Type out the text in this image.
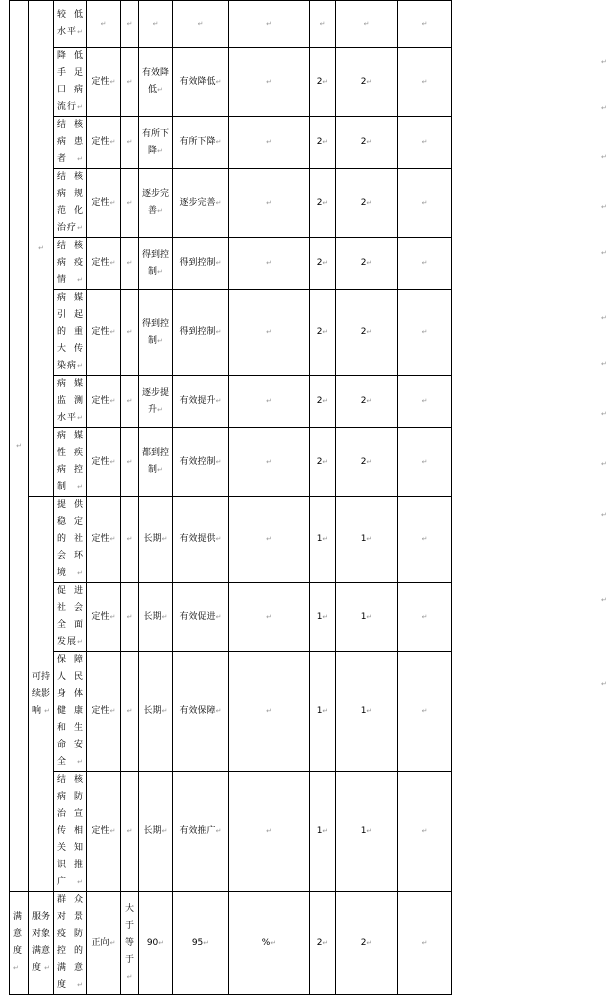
↵	↵	较低水平↵	↵	↵	↵	↵	↵	↵	↵	↵
		降低手足口病流行↵	定性↵	↵	有效降低↵	有效降低↵	↵	2↵	2↵	↵
		结核病患者↵	定性↵	↵	有所下降↵	有所下降↵	↵	2↵	2↵	↵
		结核病规范化治疗↵	定性↵	↵	逐步完善↵	逐步完善↵	↵	2↵	2↵	↵
		结核病疫情↵	定性↵	↵	得到控制↵	得到控制↵	↵	2↵	2↵	↵
		病媒引起的重大传染病↵	定性↵	↵	得到控制↵	得到控制↵	↵	2↵	2↵	↵
		病媒监测水平↵	定性↵	↵	逐步提升↵	有效提升↵	↵	2↵	2↵	↵
		病媒性疾病控制↵	定性↵	↵	都到控制↵	有效控制↵	↵	2↵	2↵	↵
	可持续影响↵	提供稳定的社会环境↵	定性↵	↵	长期↵	有效提供↵	↵	1↵	1↵	↵
		促进社会全面发展↵	定性↵	↵	长期↵	有效促进↵	↵	1↵	1↵	↵
		保障人民身体健康和生命安全↵	定性↵	↵	长期↵	有效保障↵	↵	1↵	1↵	↵
		结核病防治宣传相关知识推广↵	定性↵	↵	长期↵	有效推广↵	↵	1↵	1↵	↵
满意度↵	服务对象满意度↵	群众对景疫防控的满意度↵	正向↵	大于等于↵	90↵	95↵	%↵	2↵	2↵	↵
↵
↵
↵
↵
↵
↵
↵
↵
↵
↵
↵
↵
